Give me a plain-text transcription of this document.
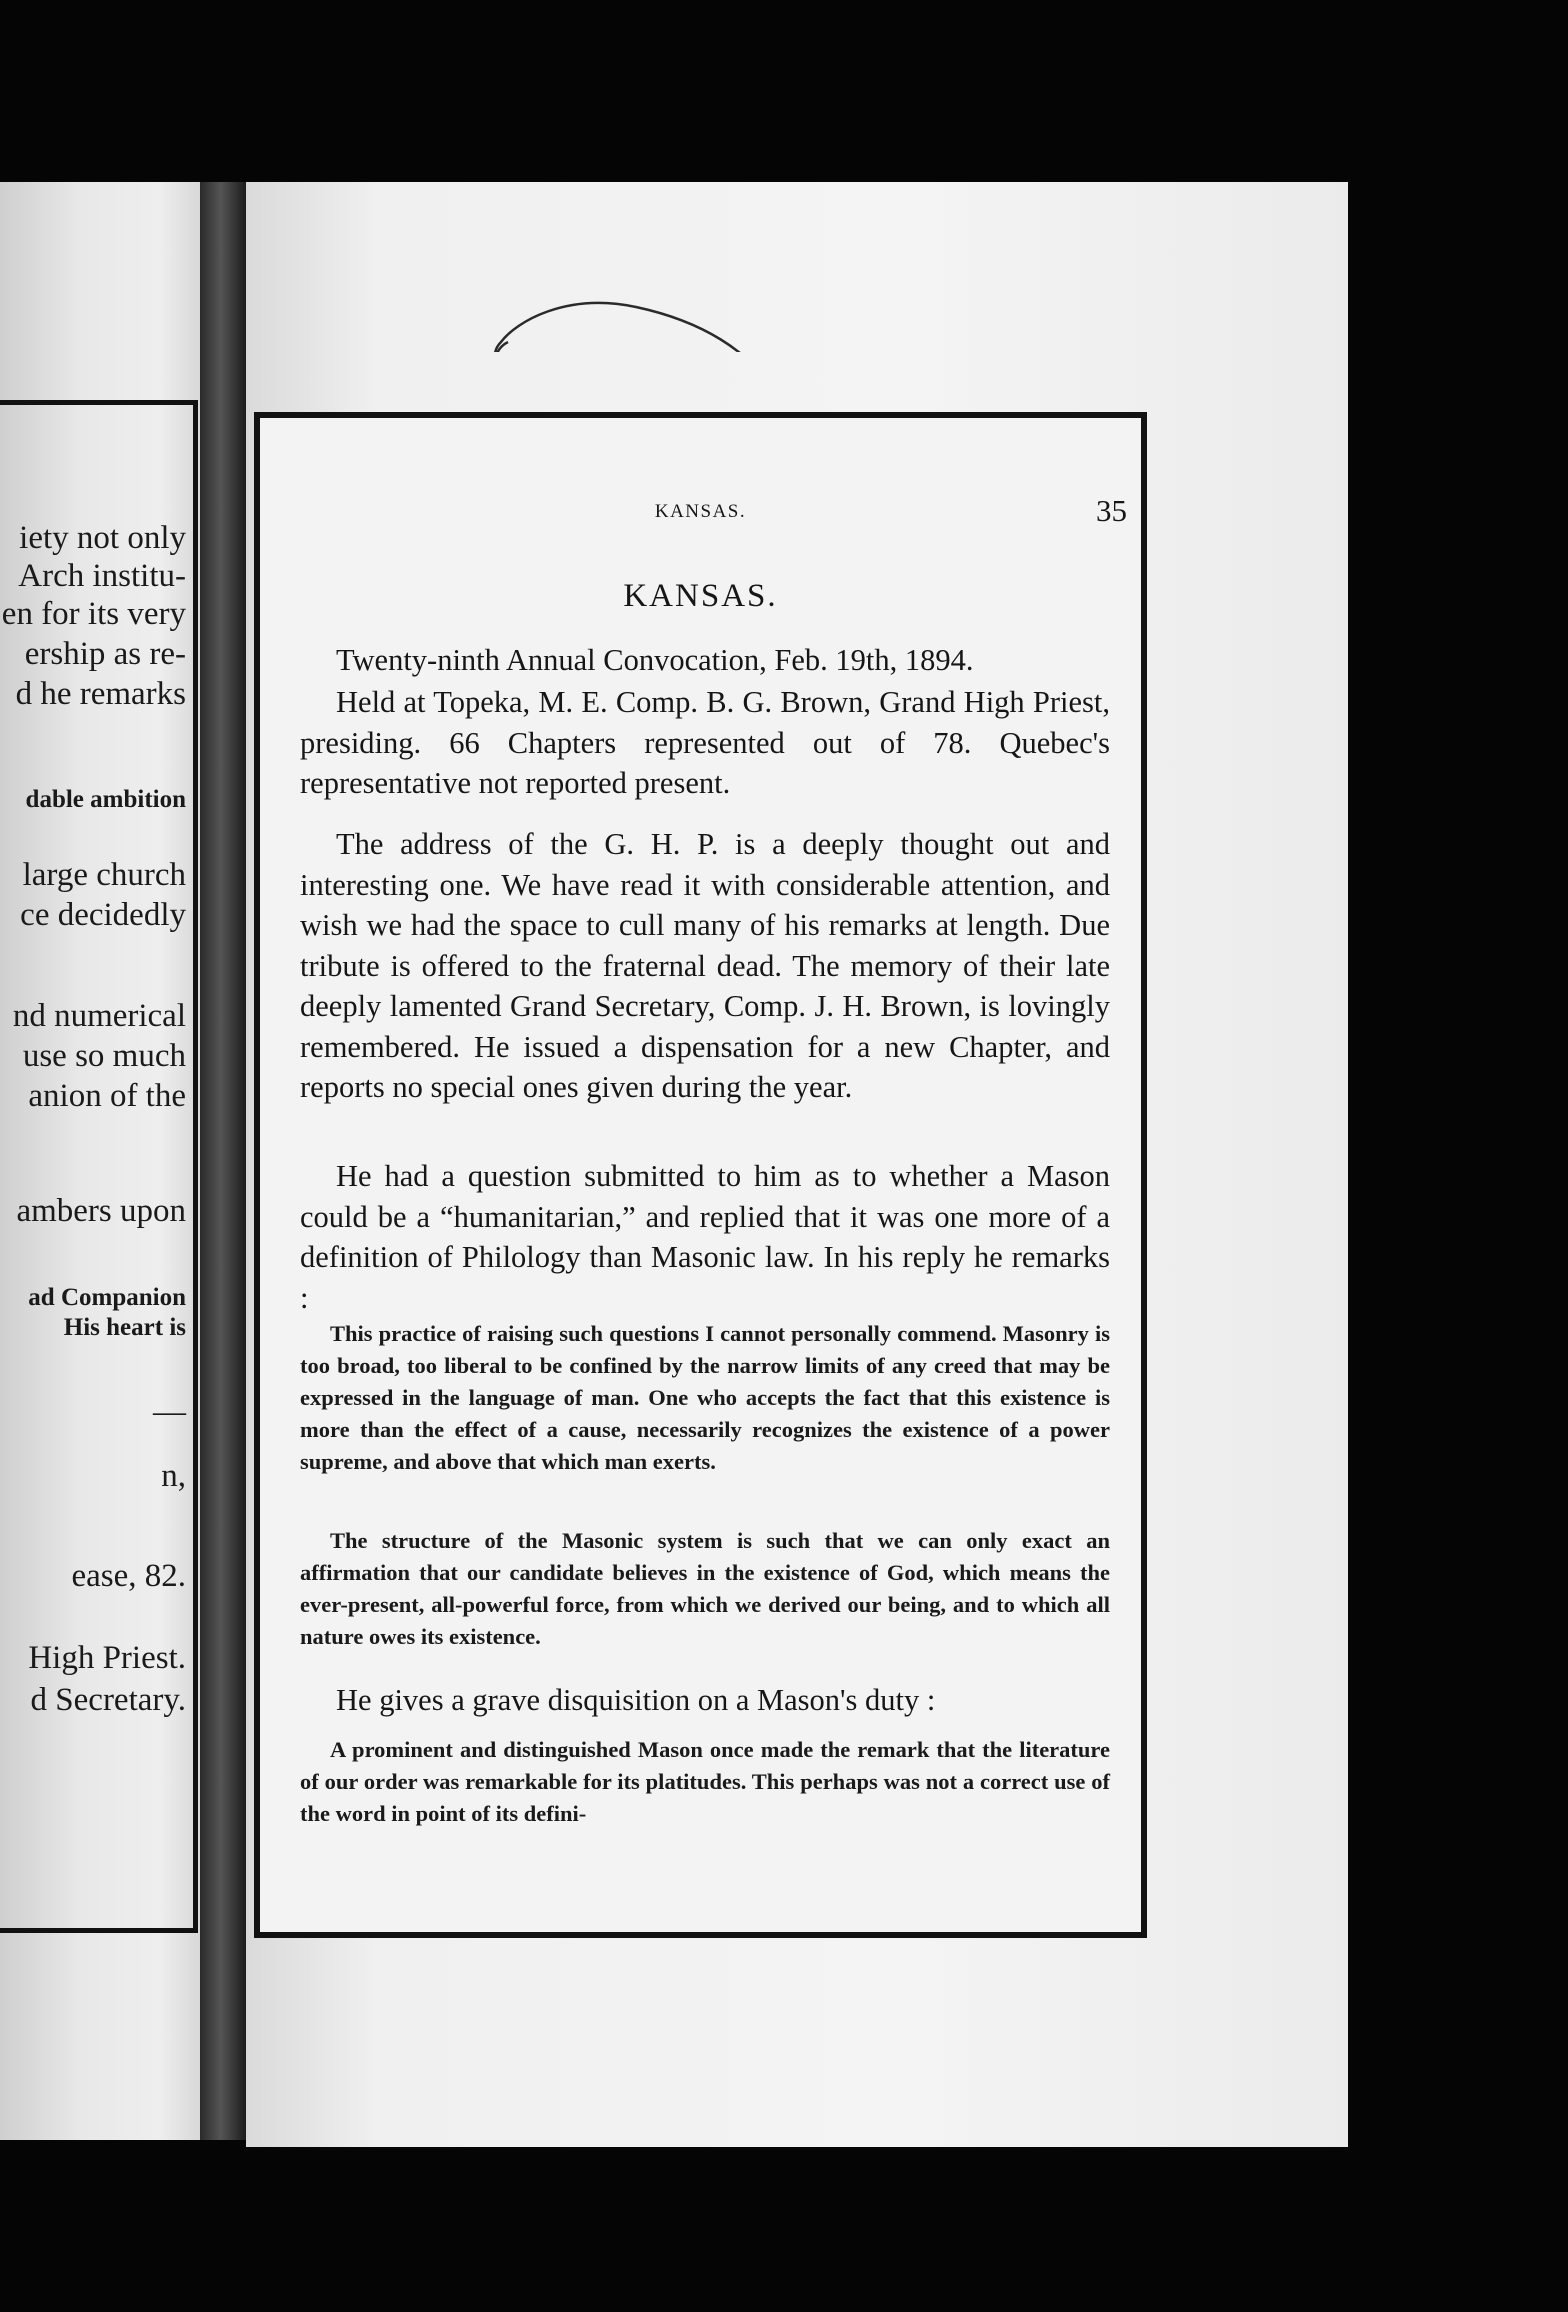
iety not only
Arch institu-
en for its very
ership as re-
d he remarks
dable ambition
large church
ce decidedly
nd numerical
use so much
anion of the
ambers upon
ad Companion
His heart is
—
n,
ease, 82.
High Priest.
d Secretary.
KANSAS.	35
KANSAS.
Twenty-ninth Annual Convocation, Feb. 19th, 1894.
Held at Topeka, M. E. Comp. B. G. Brown, Grand High Priest, presiding. 66 Chapters represented out of 78. Quebec's representative not reported present.
The address of the G. H. P. is a deeply thought out and interesting one. We have read it with considerable attention, and wish we had the space to cull many of his remarks at length. Due tribute is offered to the fraternal dead. The memory of their late deeply lamented Grand Secretary, Comp. J. H. Brown, is lovingly remembered. He issued a dispensation for a new Chapter, and reports no special ones given during the year.
He had a question submitted to him as to whether a Mason could be a “humanitarian,” and replied that it was one more of a definition of Philology than Masonic law. In his reply he remarks :
This practice of raising such questions I cannot personally commend. Masonry is too broad, too liberal to be confined by the narrow limits of any creed that may be expressed in the language of man. One who accepts the fact that this existence is more than the effect of a cause, necessarily recognizes the existence of a power supreme, and above that which man exerts.
The structure of the Masonic system is such that we can only exact an affirmation that our candidate believes in the existence of God, which means the ever-present, all-powerful force, from which we derived our being, and to which all nature owes its existence.
He gives a grave disquisition on a Mason's duty :
A prominent and distinguished Mason once made the remark that the literature of our order was remarkable for its platitudes. This perhaps was not a correct use of the word in point of its defini-
